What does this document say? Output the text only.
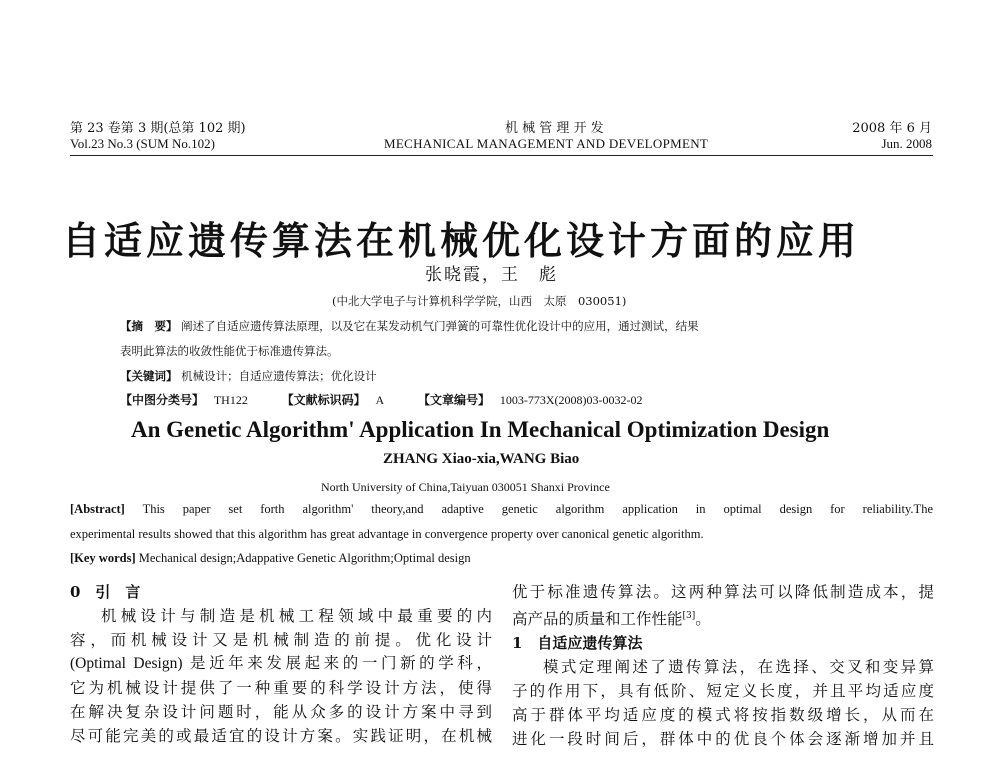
第 23 卷第 3 期(总第 102 期)
Vol.23 No.3 (SUM No.102)
机 械 管 理 开 发
MECHANICAL MANAGEMENT AND DEVELOPMENT
2008 年 6 月
Jun. 2008
自适应遗传算法在机械优化设计方面的应用
张晓霞，王　彪
(中北大学电子与计算机科学学院，山西　太原　030051)
【摘　要】 阐述了自适应遗传算法原理，以及它在某发动机气门弹簧的可靠性优化设计中的应用，通过测试，结果
表明此算法的收敛性能优于标准遗传算法。
【关键词】 机械设计；自适应遗传算法；优化设计
【中图分类号】 TH122	【文献标识码】 A	【文章编号】 1003-773X(2008)03-0032-02
An Genetic Algorithm' Application In Mechanical Optimization Design
ZHANG Xiao-xia,WANG Biao
North University of China,Taiyuan 030051 Shanxi Province
[Abstract] This paper set forth algorithm' theory,and adaptive genetic algorithm application in optimal design for reliability.The
experimental results showed that this algorithm has great advantage in convergence property over canonical genetic algorithm.
[Key words] Mechanical design;Adappative Genetic Algorithm;Optimal design
0　引　言

机械设计与制造是机械工程领域中最重要的内

容，而机械设计又是机械制造的前提。优化设计

(Optimal Design) 是近年来发展起来的一门新的学科，

它为机械设计提供了一种重要的科学设计方法，使得

在解决复杂设计问题时，能从众多的设计方案中寻到

尽可能完美的或最适宜的设计方案。实践证明，在机械

优于标准遗传算法。这两种算法可以降低制造成本，提

高产品的质量和工作性能[3]。
1　自适应遗传算法

模式定理阐述了遗传算法，在选择、交叉和变异算

子的作用下，具有低阶、短定义长度，并且平均适应度

高于群体平均适应度的模式将按指数级增长，从而在

进化一段时间后，群体中的优良个体会逐渐增加并且
